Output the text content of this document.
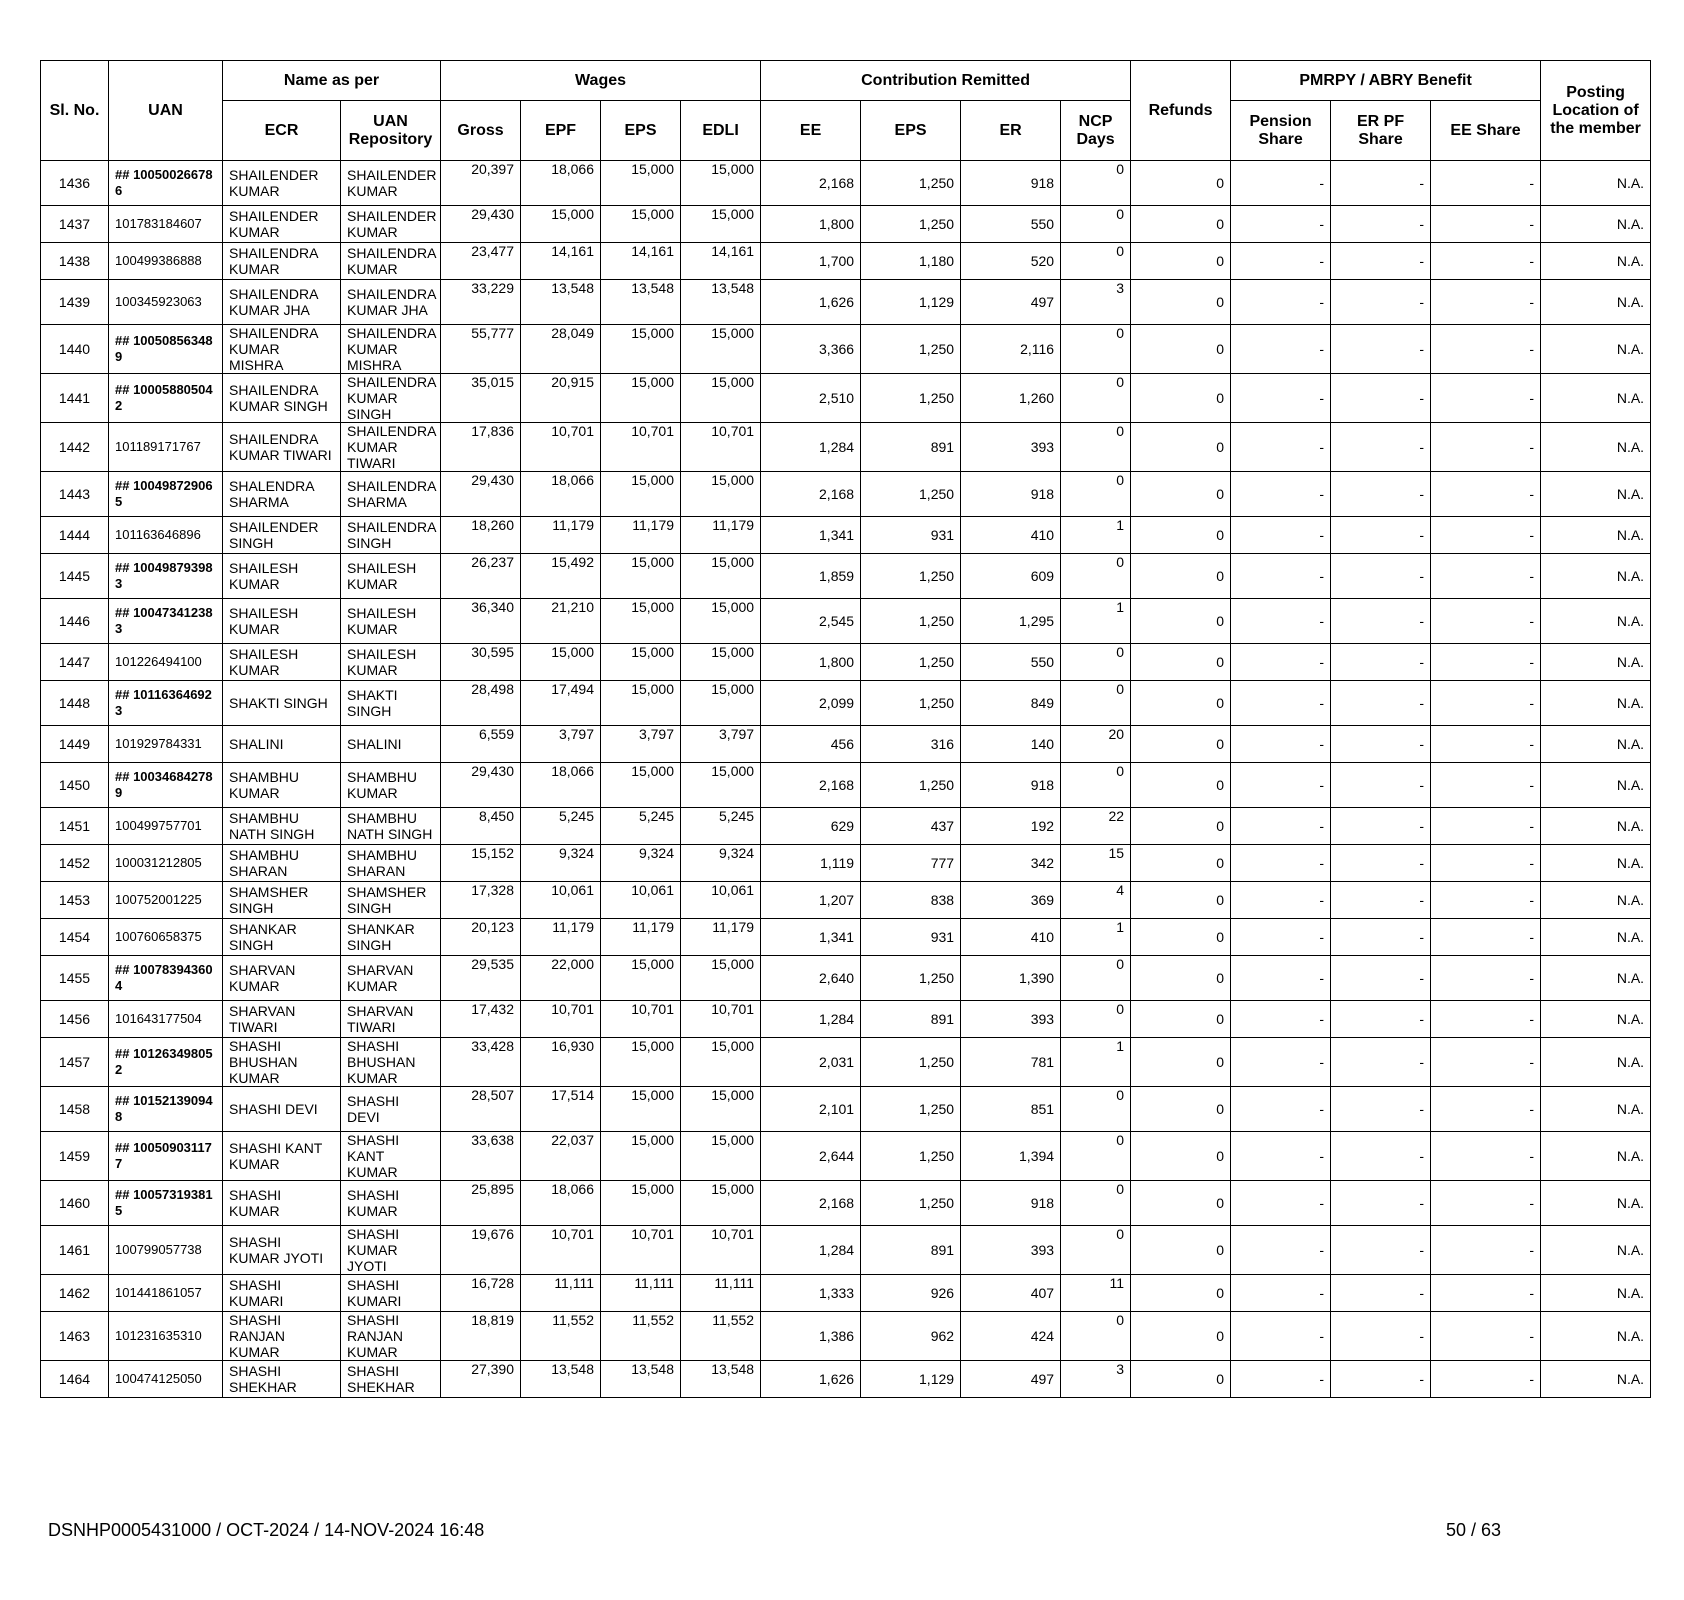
Sl. No.	UAN	Name as per		Wages				Contribution Remitted				Refunds	PMRPY / ABRY Benefit			Posting Location of the member
		ECR	UAN Repository	Gross	EPF	EPS	EDLI	EE	EPS	ER	NCP Days		Pension Share	ER PF Share	EE Share	
1436	## 10050026678 6	SHAILENDER KUMAR	SHAILENDER KUMAR	20,397	18,066	15,000	15,000	2,168	1,250	918	0	0	-	-	-	N.A.
1437	101783184607	SHAILENDER KUMAR	SHAILENDER KUMAR	29,430	15,000	15,000	15,000	1,800	1,250	550	0	0	-	-	-	N.A.
1438	100499386888	SHAILENDRA KUMAR	SHAILENDRA KUMAR	23,477	14,161	14,161	14,161	1,700	1,180	520	0	0	-	-	-	N.A.
1439	100345923063	SHAILENDRA KUMAR JHA	SHAILENDRA KUMAR JHA	33,229	13,548	13,548	13,548	1,626	1,129	497	3	0	-	-	-	N.A.
1440	## 10050856348 9	SHAILENDRA KUMAR MISHRA	SHAILENDRA KUMAR MISHRA	55,777	28,049	15,000	15,000	3,366	1,250	2,116	0	0	-	-	-	N.A.
1441	## 10005880504 2	SHAILENDRA KUMAR SINGH	SHAILENDRA KUMAR SINGH	35,015	20,915	15,000	15,000	2,510	1,250	1,260	0	0	-	-	-	N.A.
1442	101189171767	SHAILENDRA KUMAR TIWARI	SHAILENDRA KUMAR TIWARI	17,836	10,701	10,701	10,701	1,284	891	393	0	0	-	-	-	N.A.
1443	## 10049872906 5	SHALENDRA SHARMA	SHAILENDRA SHARMA	29,430	18,066	15,000	15,000	2,168	1,250	918	0	0	-	-	-	N.A.
1444	101163646896	SHAILENDER SINGH	SHAILENDRA SINGH	18,260	11,179	11,179	11,179	1,341	931	410	1	0	-	-	-	N.A.
1445	## 10049879398 3	SHAILESH KUMAR	SHAILESH KUMAR	26,237	15,492	15,000	15,000	1,859	1,250	609	0	0	-	-	-	N.A.
1446	## 10047341238 3	SHAILESH KUMAR	SHAILESH KUMAR	36,340	21,210	15,000	15,000	2,545	1,250	1,295	1	0	-	-	-	N.A.
1447	101226494100	SHAILESH KUMAR	SHAILESH KUMAR	30,595	15,000	15,000	15,000	1,800	1,250	550	0	0	-	-	-	N.A.
1448	## 10116364692 3	SHAKTI SINGH	SHAKTI SINGH	28,498	17,494	15,000	15,000	2,099	1,250	849	0	0	-	-	-	N.A.
1449	101929784331	SHALINI	SHALINI	6,559	3,797	3,797	3,797	456	316	140	20	0	-	-	-	N.A.
1450	## 10034684278 9	SHAMBHU KUMAR	SHAMBHU KUMAR	29,430	18,066	15,000	15,000	2,168	1,250	918	0	0	-	-	-	N.A.
1451	100499757701	SHAMBHU NATH SINGH	SHAMBHU NATH SINGH	8,450	5,245	5,245	5,245	629	437	192	22	0	-	-	-	N.A.
1452	100031212805	SHAMBHU SHARAN	SHAMBHU SHARAN	15,152	9,324	9,324	9,324	1,119	777	342	15	0	-	-	-	N.A.
1453	100752001225	SHAMSHER SINGH	SHAMSHER SINGH	17,328	10,061	10,061	10,061	1,207	838	369	4	0	-	-	-	N.A.
1454	100760658375	SHANKAR SINGH	SHANKAR SINGH	20,123	11,179	11,179	11,179	1,341	931	410	1	0	-	-	-	N.A.
1455	## 10078394360 4	SHARVAN KUMAR	SHARVAN KUMAR	29,535	22,000	15,000	15,000	2,640	1,250	1,390	0	0	-	-	-	N.A.
1456	101643177504	SHARVAN TIWARI	SHARVAN TIWARI	17,432	10,701	10,701	10,701	1,284	891	393	0	0	-	-	-	N.A.
1457	## 10126349805 2	SHASHI BHUSHAN KUMAR	SHASHI BHUSHAN KUMAR	33,428	16,930	15,000	15,000	2,031	1,250	781	1	0	-	-	-	N.A.
1458	## 10152139094 8	SHASHI DEVI	SHASHI DEVI	28,507	17,514	15,000	15,000	2,101	1,250	851	0	0	-	-	-	N.A.
1459	## 10050903117 7	SHASHI KANT KUMAR	SHASHI KANT KUMAR	33,638	22,037	15,000	15,000	2,644	1,250	1,394	0	0	-	-	-	N.A.
1460	## 10057319381 5	SHASHI KUMAR	SHASHI KUMAR	25,895	18,066	15,000	15,000	2,168	1,250	918	0	0	-	-	-	N.A.
1461	100799057738	SHASHI KUMAR JYOTI	SHASHI KUMAR JYOTI	19,676	10,701	10,701	10,701	1,284	891	393	0	0	-	-	-	N.A.
1462	101441861057	SHASHI KUMARI	SHASHI KUMARI	16,728	11,111	11,111	11,111	1,333	926	407	11	0	-	-	-	N.A.
1463	101231635310	SHASHI RANJAN KUMAR	SHASHI RANJAN KUMAR	18,819	11,552	11,552	11,552	1,386	962	424	0	0	-	-	-	N.A.
1464	100474125050	SHASHI SHEKHAR	SHASHI SHEKHAR	27,390	13,548	13,548	13,548	1,626	1,129	497	3	0	-	-	-	N.A.
DSNHP0005431000 / OCT-2024 / 14-NOV-2024 16:48	50 / 63
